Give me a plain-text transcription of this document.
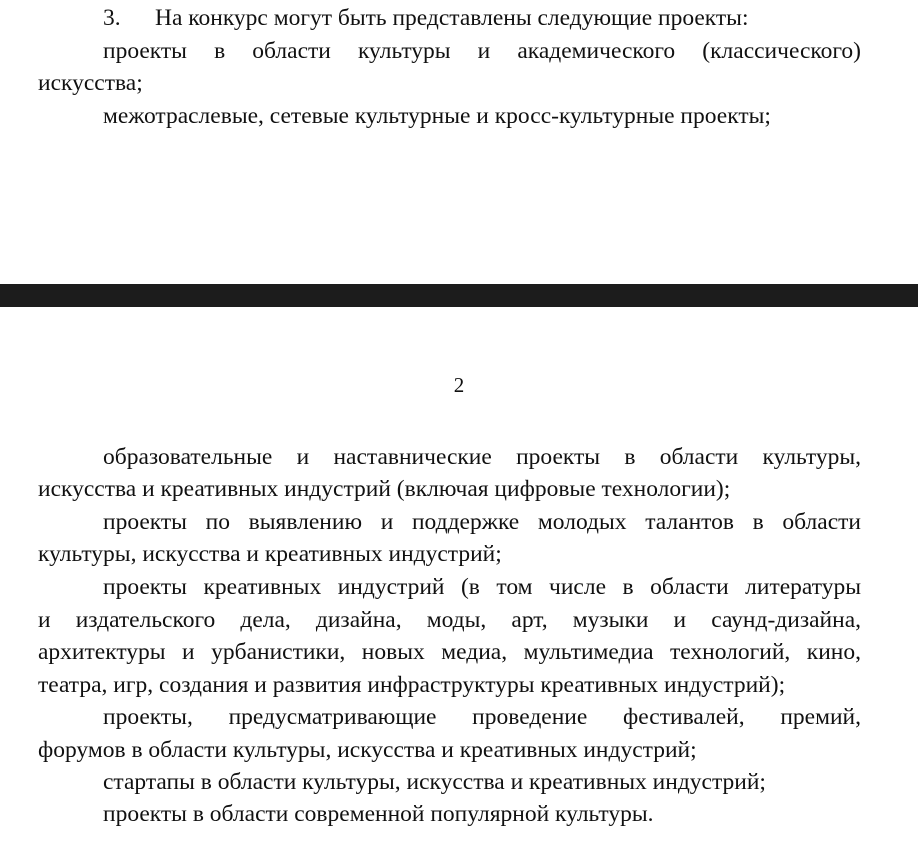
3. На конкурс могут быть представлены следующие проекты:
проекты в области культуры и академического (классического)
искусства;
межотраслевые, сетевые культурные и кросс-культурные проекты;
2
образовательные и наставнические проекты в области культуры,
искусства и креативных индустрий (включая цифровые технологии);
проекты по выявлению и поддержке молодых талантов в области
культуры, искусства и креативных индустрий;
проекты креативных индустрий (в том числе в области литературы
и издательского дела, дизайна, моды, арт, музыки и саунд-дизайна,
архитектуры и урбанистики, новых медиа, мультимедиа технологий, кино,
театра, игр, создания и развития инфраструктуры креативных индустрий);
проекты, предусматривающие проведение фестивалей, премий,
форумов в области культуры, искусства и креативных индустрий;
стартапы в области культуры, искусства и креативных индустрий;
проекты в области современной популярной культуры.
